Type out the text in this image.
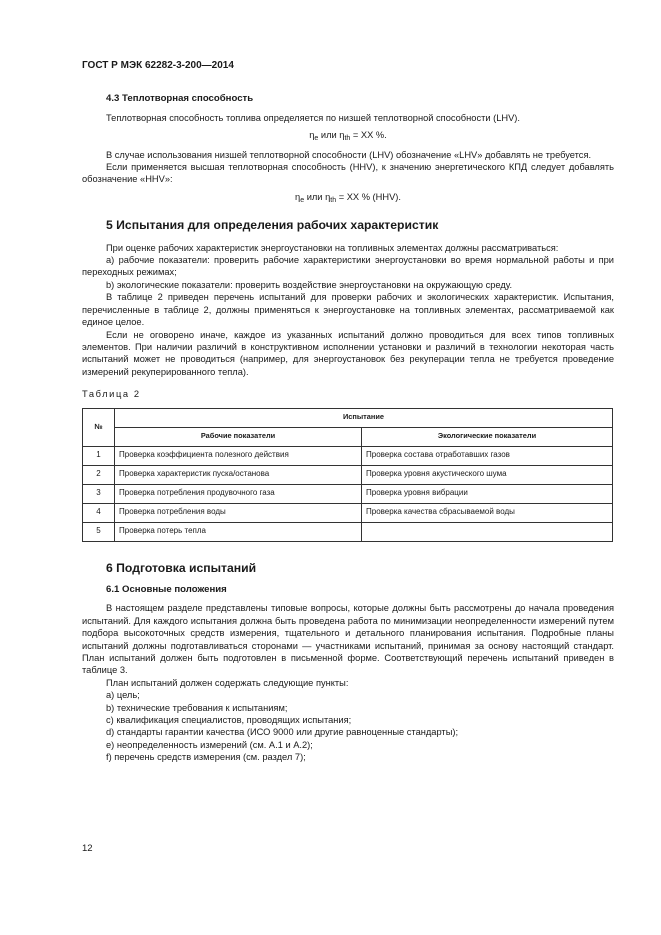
ГОСТ Р МЭК 62282-3-200—2014

4.3 Теплотворная способность

Теплотворная способность топлива определяется по низшей теплотворной способности (LHV).

$\eta_e$ или $\eta_{th}$ = XX %.

В случае использования низшей теплотворной способности (LHV) обозначение «LHV» добавлять не требуется.

Если применяется высшая теплотворная способность (HHV), к значению энергетического КПД следует добавлять обозначение «HHV»:

$\eta_e$ или $\eta_{th}$ = XX % (HHV).
5 Испытания для определения рабочих характеристик

При оценке рабочих характеристик энергоустановки на топливных элементах должны рассматриваться:

а) рабочие показатели: проверить рабочие характеристики энергоустановки во время нормальной работы и при переходных режимах;

b) экологические показатели: проверить воздействие энергоустановки на окружающую среду.

В таблице 2 приведен перечень испытаний для проверки рабочих и экологических характеристик. Испытания, перечисленные в таблице 2, должны применяться к энергоустановке на топливных элементах, рассматриваемой как единое целое.

Если не оговорено иначе, каждое из указанных испытаний должно проводиться для всех типов топливных элементов. При наличии различий в конструктивном исполнении установки и различий в технологии некоторая часть испытаний может не проводиться (например, для энергоустановок без рекуперации тепла не требуется проведение измерений рекуперированного тепла).

Таблица 2
№	Испытание	
	Рабочие показатели	Экологические показатели
1	Проверка коэффициента полезного действия	Проверка состава отработавших газов
2	Проверка характеристик пуска/останова	Проверка уровня акустического шума
3	Проверка потребления продувочного газа	Проверка уровня вибрации
4	Проверка потребления воды	Проверка качества сбрасываемой воды
5	Проверка потерь тепла	
6 Подготовка испытаний
6.1 Основные положения

В настоящем разделе представлены типовые вопросы, которые должны быть рассмотрены до начала проведения испытаний. Для каждого испытания должна быть проведена работа по минимизации неопределенности измерений путем подбора высокоточных средств измерения, тщательного и детального планирования испытания. Подробные планы испытаний должны подготавливаться сторонами — участниками испытаний, принимая за основу настоящий стандарт. План испытаний должен быть подготовлен в письменной форме. Соответствующий перечень испытаний приведен в таблице 3.

План испытаний должен содержать следующие пункты:

a) цель;

b) технические требования к испытаниям;

c) квалификация специалистов, проводящих испытания;

d) стандарты гарантии качества (ИСО 9000 или другие равноценные стандарты);

e) неопределенность измерений (см. А.1 и А.2);

f) перечень средств измерения (см. раздел 7);

12
